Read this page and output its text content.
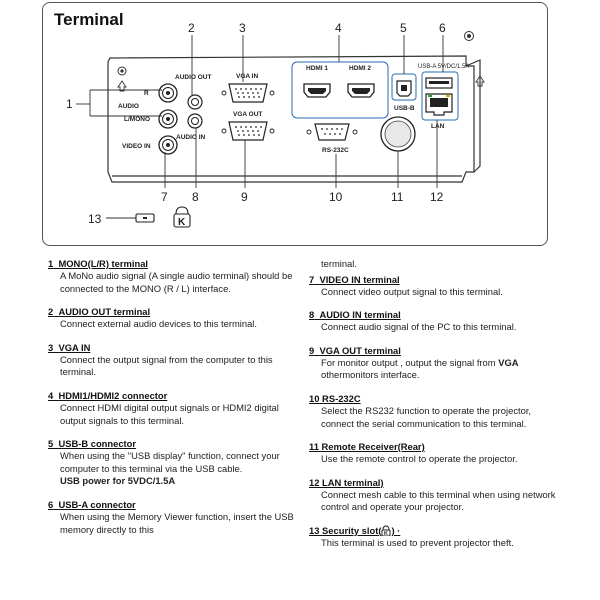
AUDIO OUT	VGA IN
HDMI 1	HDMI 2	USB-A 5V/DC/1.5A
R
AUDIO	USB-B
L/MONO
VGA OUT
LAN
AUDIO IN
VIDEO IN
RS-232C
1
2	3	4	5	6
7 8	9	10	11 12
13	K
Terminal
1 MONO(L/R) terminal
A MoNo audio signal (A single audio terminal) should be connected to the MONO (R / L) interface.
2 AUDIO OUT terminal
Connect external audio devices to this terminal.
3 VGA IN
Connect the output signal from the computer to this terminal.
4 HDMI1/HDMI2 connector
Connect HDMI digital output signals or HDMI2 digital output signals to this terminal.
5 USB-B connector
When using the "USB display" function, connect your computer to this terminal via the USB cable.
USB power for 5VDC/1.5A
6 USB-A connector
When using the Memory Viewer function, insert the USB memory directly to this
terminal.
7 VIDEO IN terminal
Connect video output signal to this terminal.
8 AUDIO IN terminal
Connect audio signal of the PC to this terminal.
9 VGA OUT terminal
For monitor output , output the signal from VGA
othermonitors interface.
10 RS-232C
Select the RS232 function to operate the projector, connect the serial communication to this terminal.
11 Remote Receiver(Rear)
Use the remote control to operate the projector.
12 LAN terminal)
Connect mesh cable to this terminal when using network control and operate your projector.
13 Security slot( K ) ·
This terminal is used to prevent projector theft.
